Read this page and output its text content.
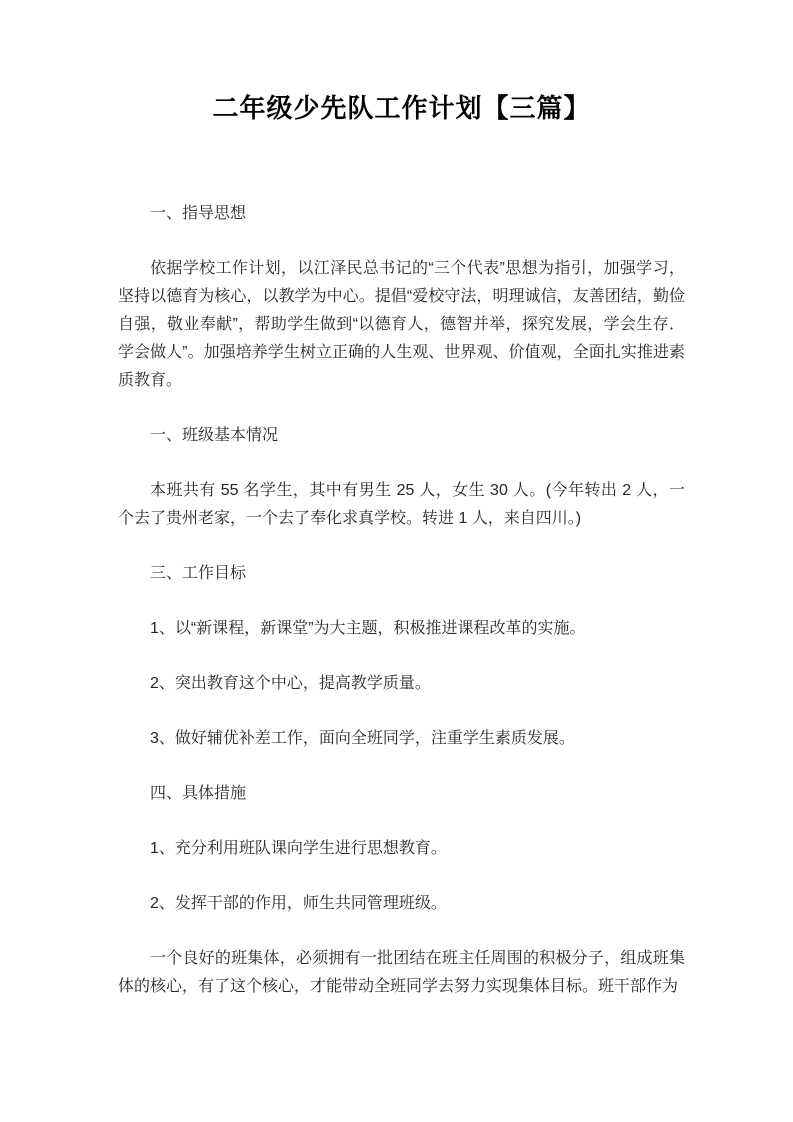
二年级少先队工作计划【三篇】

一、指导思想

依据学校工作计划，以江泽民总书记的“三个代表”思想为指引，加强学习，坚持以德育为核心，以教学为中心。提倡“爱校守法，明理诚信，友善团结，勤俭自强，敬业奉献”，帮助学生做到“以德育人，德智并举，探究发展，学会生存．学会做人”。加强培养学生树立正确的人生观、世界观、价值观，全面扎实推进素质教育。

一、班级基本情况

本班共有 55 名学生，其中有男生 25 人，女生 30 人。(今年转出 2 人，一个去了贵州老家，一个去了奉化求真学校。转进 1 人，来自四川。)

三、工作目标

1、以“新课程，新课堂”为大主题，积极推进课程改革的实施。

2、突出教育这个中心，提高教学质量。

3、做好辅优补差工作，面向全班同学，注重学生素质发展。

四、具体措施

1、充分利用班队课向学生进行思想教育。

2、发挥干部的作用，师生共同管理班级。

一个良好的班集体，必须拥有一批团结在班主任周围的积极分子，组成班集体的核心，有了这个核心，才能带动全班同学去努力实现集体目标。班干部作为
